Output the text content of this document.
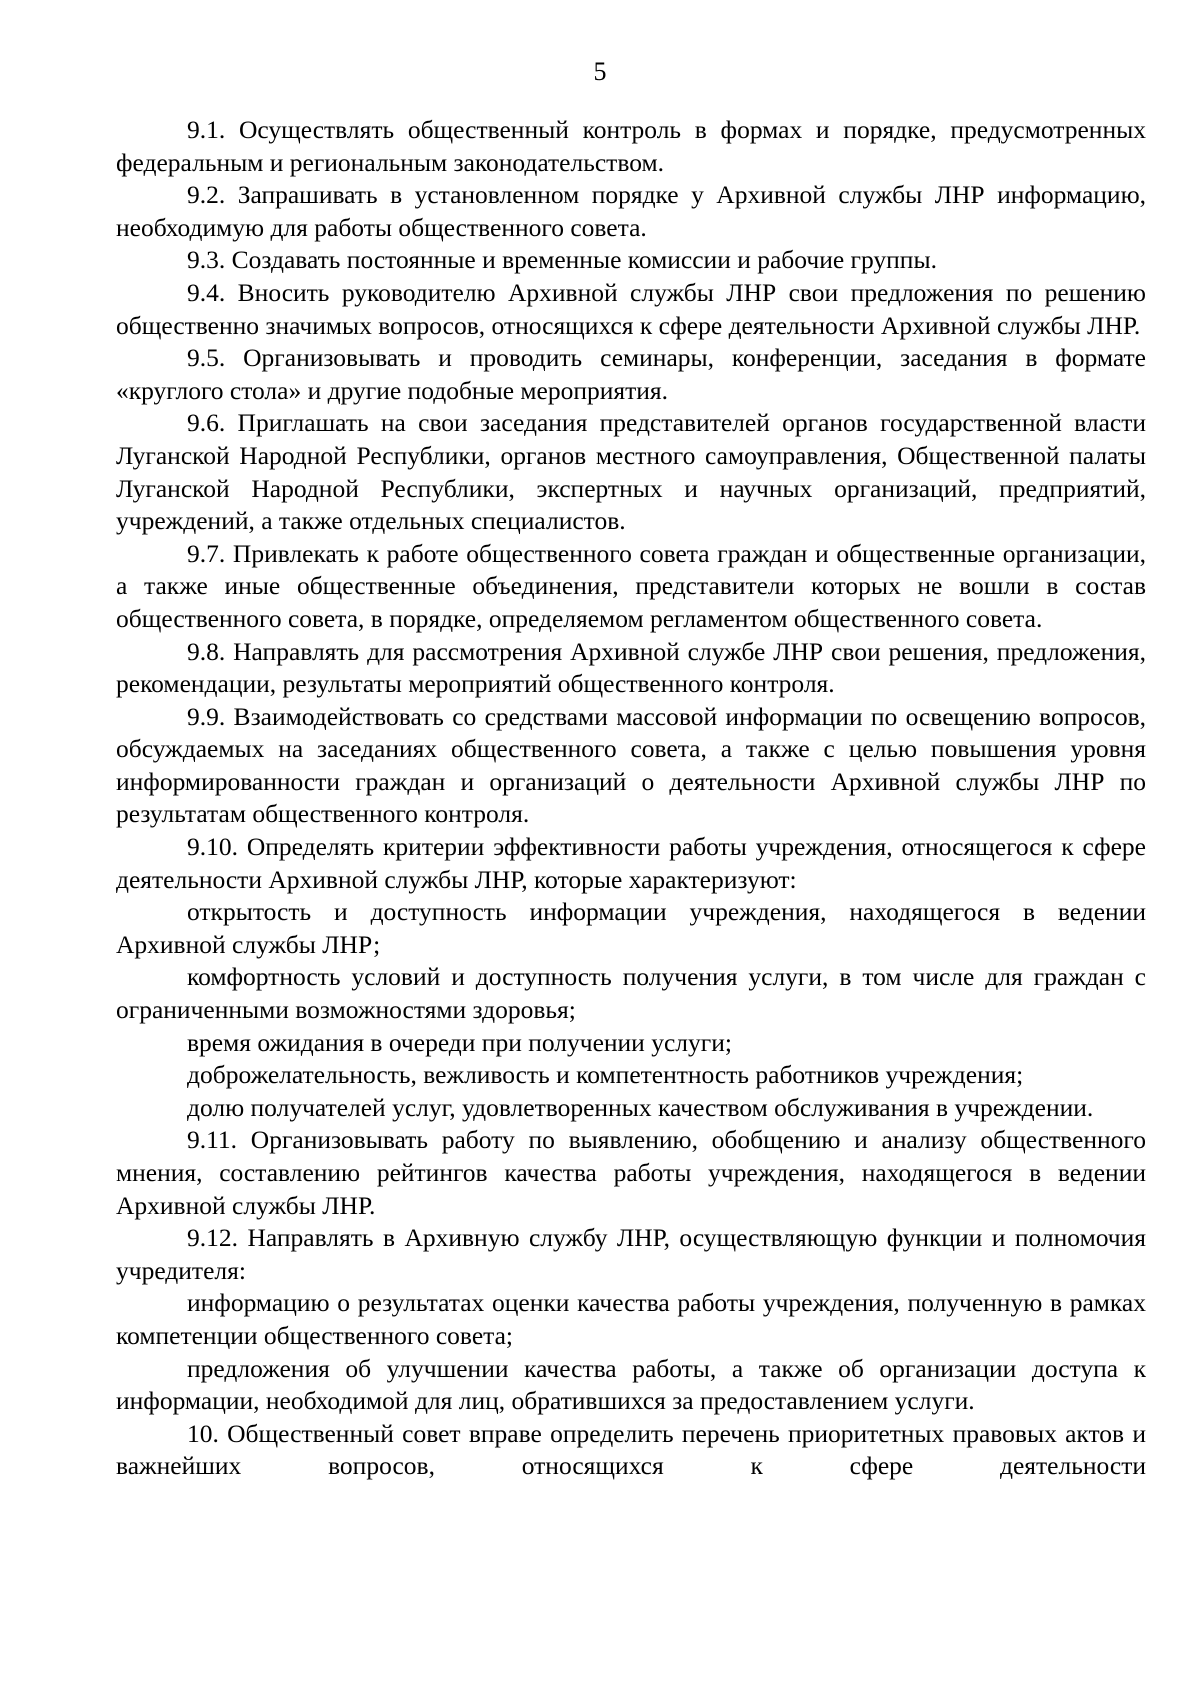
5

9.1. Осуществлять общественный контроль в формах и порядке, предусмотренных федеральным и региональным законодательством.

9.2. Запрашивать в установленном порядке у Архивной службы ЛНР информацию, необходимую для работы общественного совета.

9.3. Создавать постоянные и временные комиссии и рабочие группы.

9.4. Вносить руководителю Архивной службы ЛНР свои предложения по решению общественно значимых вопросов, относящихся к сфере деятельности Архивной службы ЛНР.

9.5. Организовывать и проводить семинары, конференции, заседания в формате «круглого стола» и другие подобные мероприятия.

9.6. Приглашать на свои заседания представителей органов государственной власти Луганской Народной Республики, органов местного самоуправления, Общественной палаты Луганской Народной Республики, экспертных и научных организаций, предприятий, учреждений, а также отдельных специалистов.

9.7. Привлекать к работе общественного совета граждан и общественные организации, а также иные общественные объединения, представители которых не вошли в состав общественного совета, в порядке, определяемом регламентом общественного совета.

9.8. Направлять для рассмотрения Архивной службе ЛНР свои решения, предложения, рекомендации, результаты мероприятий общественного контроля.

9.9. Взаимодействовать со средствами массовой информации по освещению вопросов, обсуждаемых на заседаниях общественного совета, а также с целью повышения уровня информированности граждан и организаций о деятельности Архивной службы ЛНР по результатам общественного контроля.

9.10. Определять критерии эффективности работы учреждения, относящегося к сфере деятельности Архивной службы ЛНР, которые характеризуют:

открытость и доступность информации учреждения, находящегося в ведении Архивной службы ЛНР;

комфортность условий и доступность получения услуги, в том числе для граждан с ограниченными возможностями здоровья;

время ожидания в очереди при получении услуги;

доброжелательность, вежливость и компетентность работников учреждения;

долю получателей услуг, удовлетворенных качеством обслуживания в учреждении.

9.11. Организовывать работу по выявлению, обобщению и анализу общественного мнения, составлению рейтингов качества работы учреждения, находящегося в ведении Архивной службы ЛНР.

9.12. Направлять в Архивную службу ЛНР, осуществляющую функции и полномочия учредителя:

информацию о результатах оценки качества работы учреждения, полученную в рамках компетенции общественного совета;

предложения об улучшении качества работы, а также об организации доступа к информации, необходимой для лиц, обратившихся за предоставлением услуги.

10. Общественный совет вправе определить перечень приоритетных правовых актов и важнейших вопросов, относящихся к сфере деятельности
